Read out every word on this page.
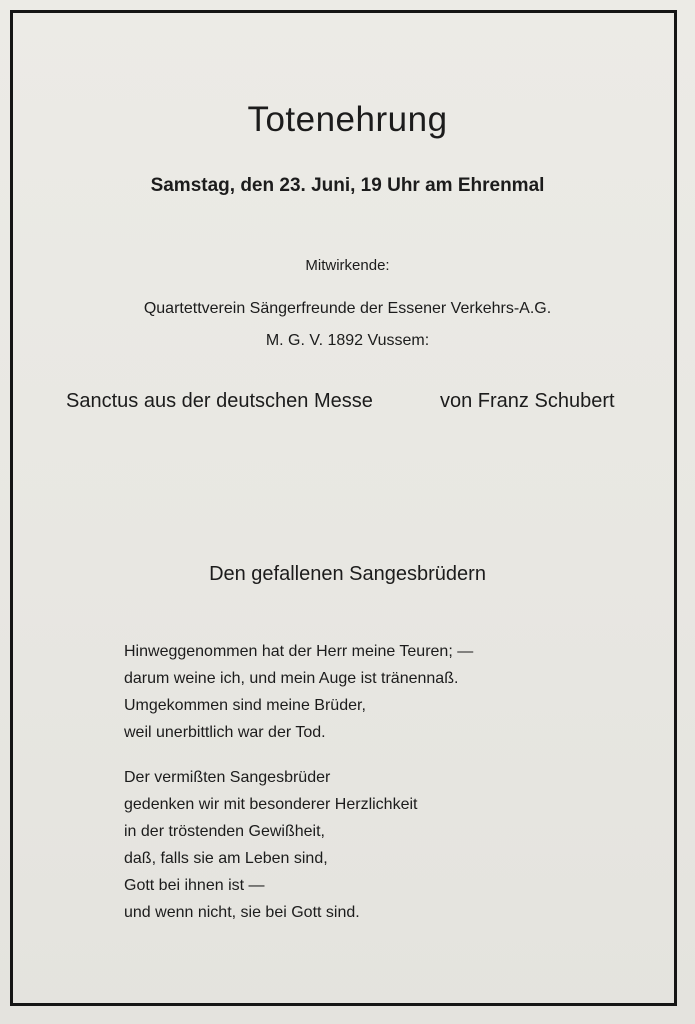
Totenehrung
Samstag, den 23. Juni, 19 Uhr am Ehrenmal
Mitwirkende:
Quartettverein Sängerfreunde der Essener Verkehrs-A.G.
M. G. V. 1892 Vussem:
Sanctus aus der deutschen Messe	von Franz Schubert
Den gefallenen Sangesbrüdern
Hinweggenommen hat der Herr meine Teuren; —
darum weine ich, und mein Auge ist tränennaß.
Umgekommen sind meine Brüder,
weil unerbittlich war der Tod.
Der vermißten Sangesbrüder
gedenken wir mit besonderer Herzlichkeit
in der tröstenden Gewißheit,
daß, falls sie am Leben sind,
Gott bei ihnen ist —
und wenn nicht, sie bei Gott sind.
